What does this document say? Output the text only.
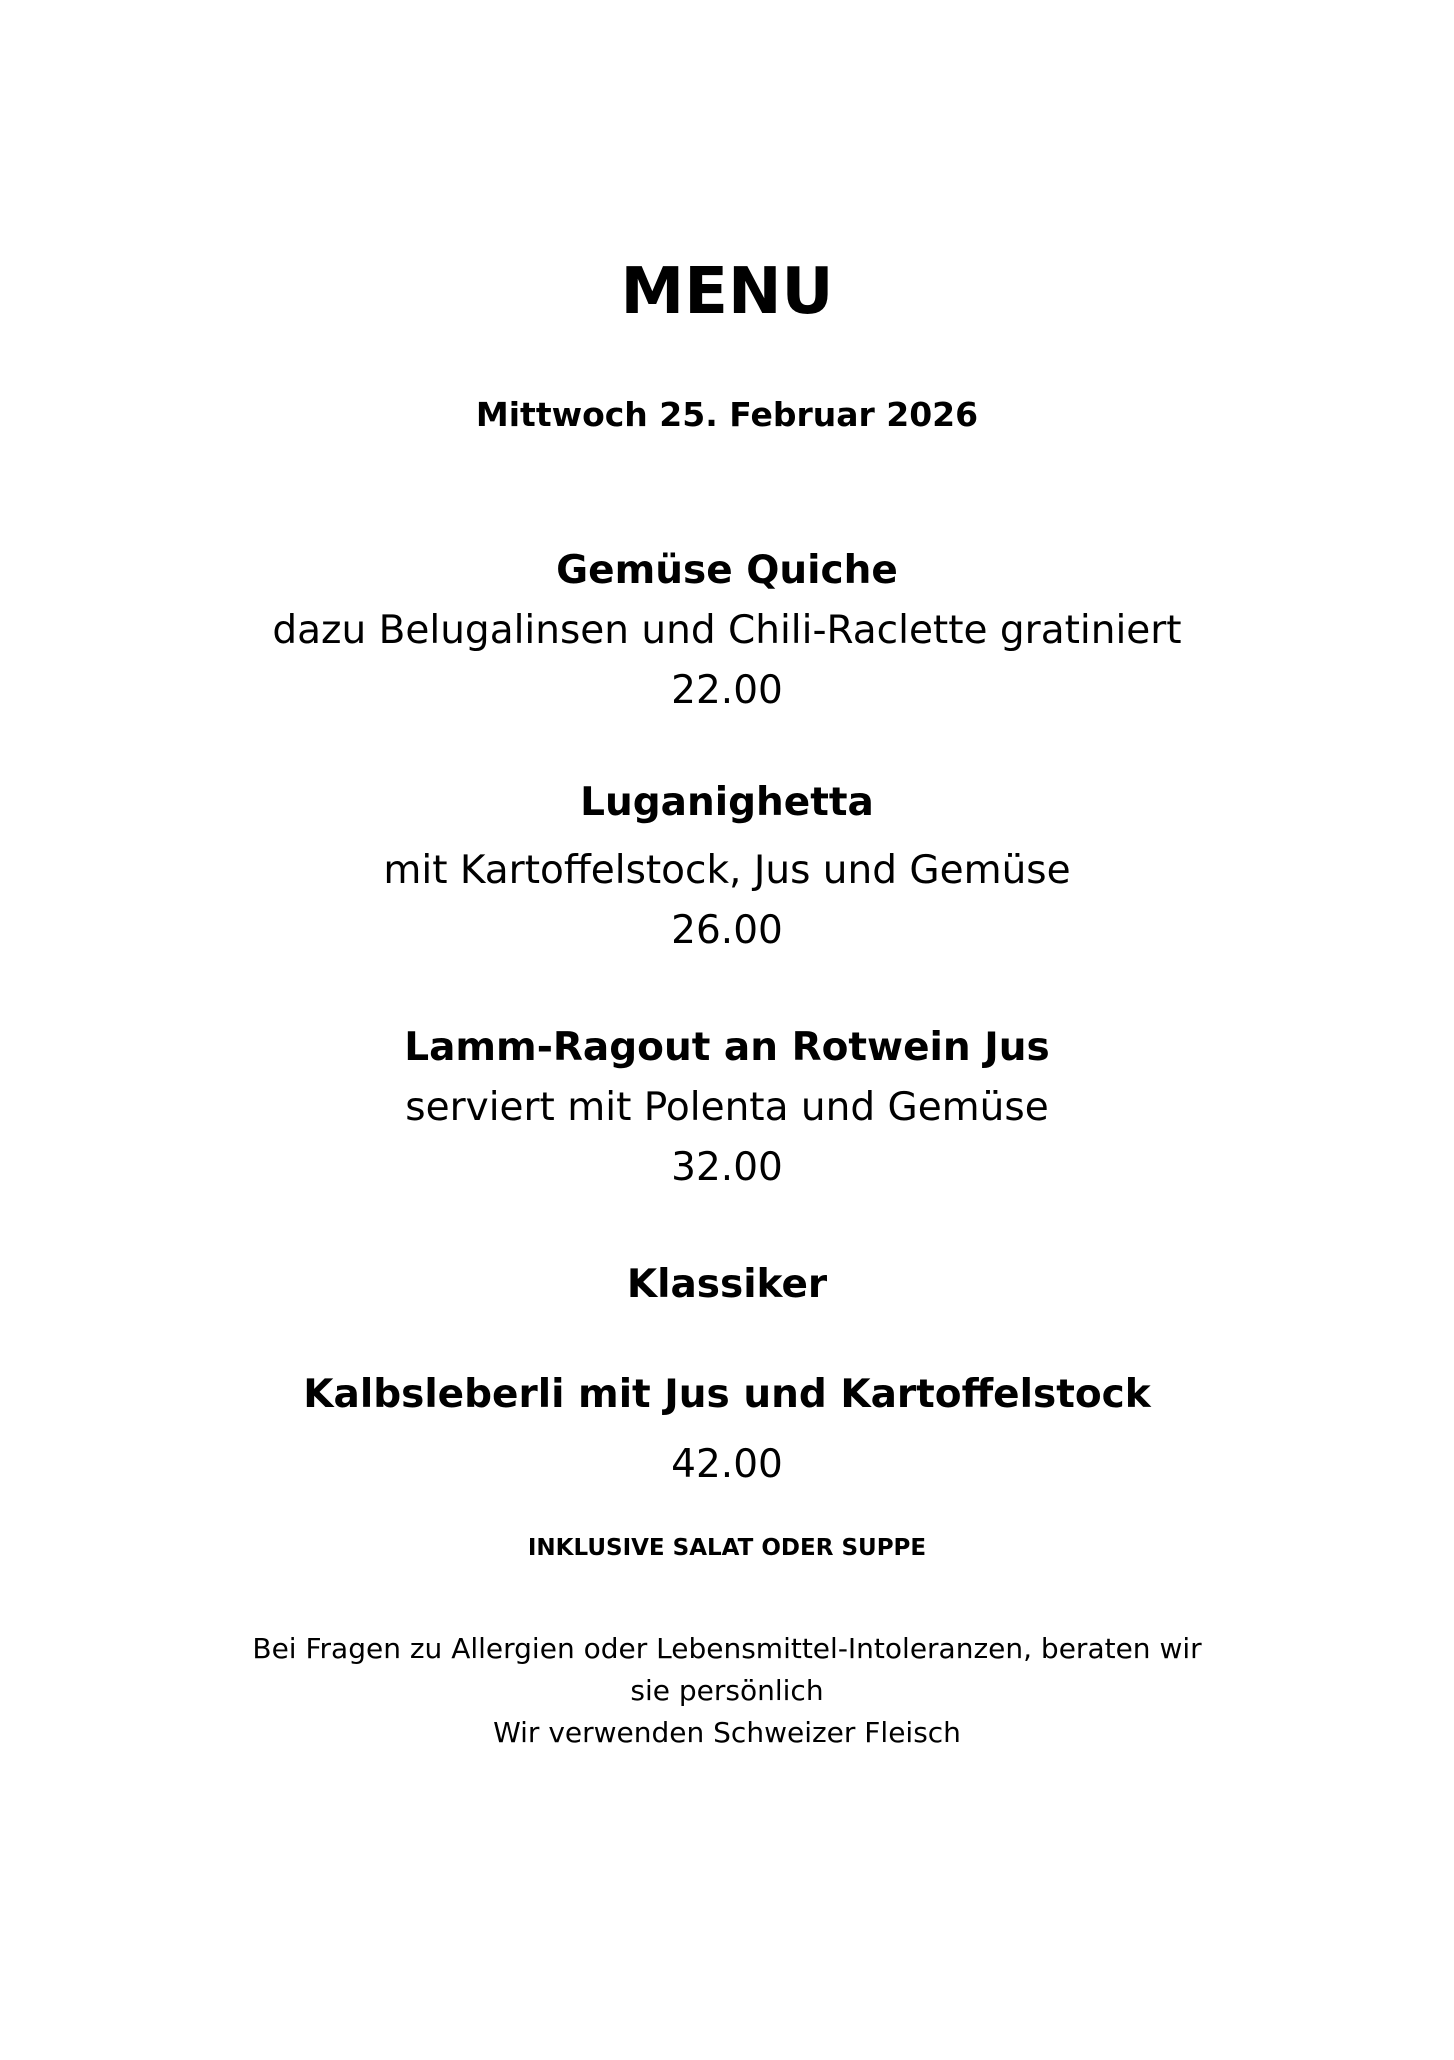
MENU
Mittwoch 25. Februar 2026
Gemüse Quiche
dazu Belugalinsen und Chili-Raclette gratiniert
22.00
Luganighetta
mit Kartoffelstock, Jus und Gemüse
26.00
Lamm-Ragout an Rotwein Jus
serviert mit Polenta und Gemüse
32.00
Klassiker
Kalbsleberli mit Jus und Kartoffelstock
42.00
INKLUSIVE SALAT ODER SUPPE
Bei Fragen zu Allergien oder Lebensmittel-Intoleranzen, beraten wir
sie persönlich
Wir verwenden Schweizer Fleisch
